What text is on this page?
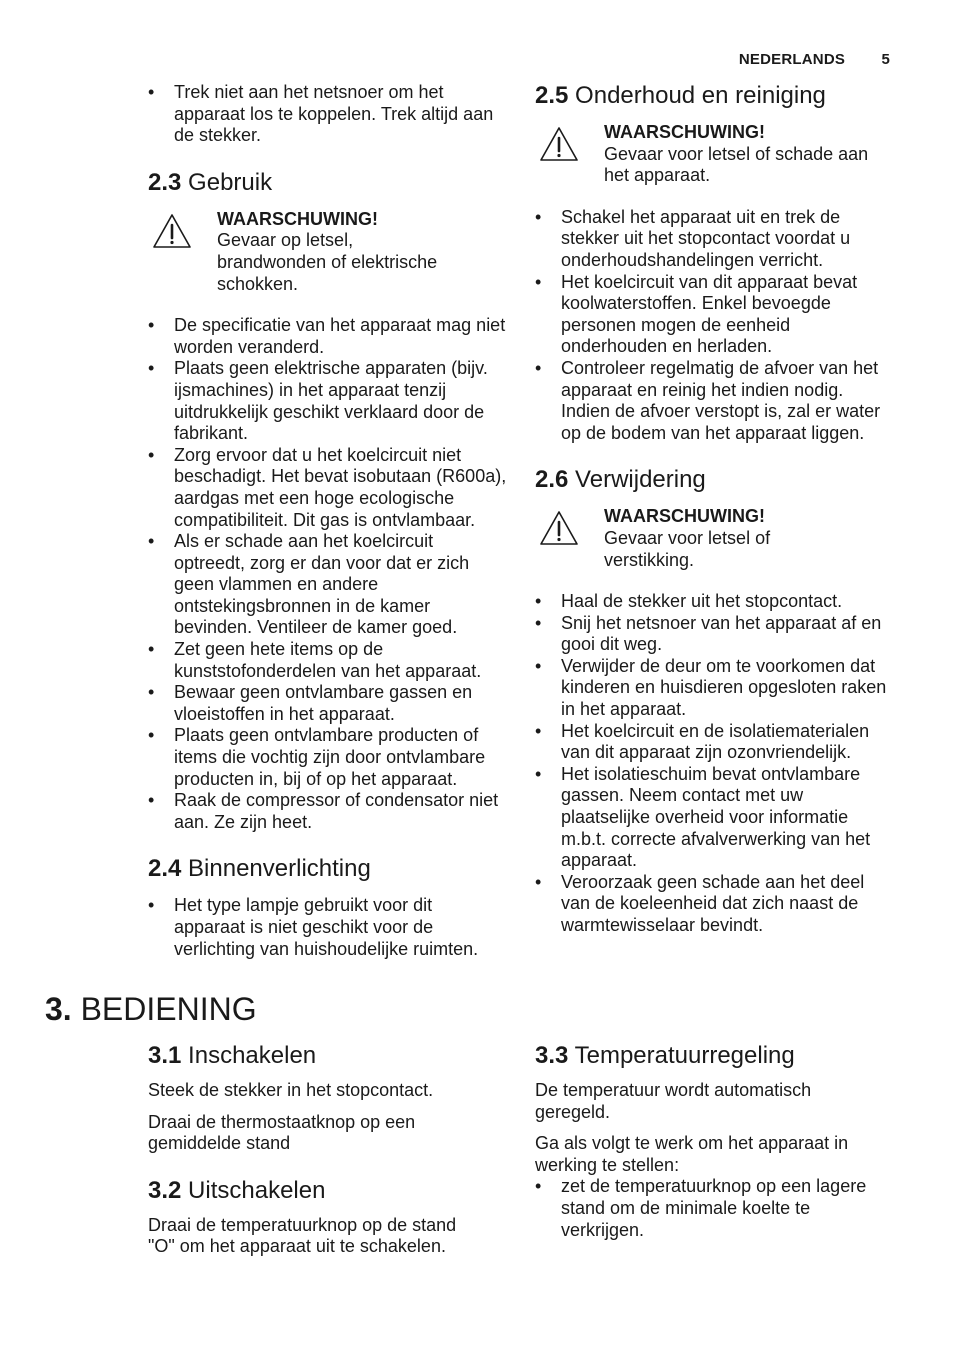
NEDERLANDS 5
• Trek niet aan het netsnoer om het apparaat los te koppelen. Trek altijd aan de stekker.
2.3 Gebruik
WAARSCHUWING!
Gevaar op letsel, brandwonden of elektrische schokken.
• De specificatie van het apparaat mag niet worden veranderd.
• Plaats geen elektrische apparaten (bijv. ijsmachines) in het apparaat tenzij uitdrukkelijk geschikt verklaard door de fabrikant.
• Zorg ervoor dat u het koelcircuit niet beschadigt. Het bevat isobutaan (R600a), aardgas met een hoge ecologische compatibiliteit. Dit gas is ontvlambaar.
• Als er schade aan het koelcircuit optreedt, zorg er dan voor dat er zich geen vlammen en andere ontstekingsbronnen in de kamer bevinden. Ventileer de kamer goed.
• Zet geen hete items op de kunststofonderdelen van het apparaat.
• Bewaar geen ontvlambare gassen en vloeistoffen in het apparaat.
• Plaats geen ontvlambare producten of items die vochtig zijn door ontvlambare producten in, bij of op het apparaat.
• Raak de compressor of condensator niet aan. Ze zijn heet.
2.4 Binnenverlichting
• Het type lampje gebruikt voor dit apparaat is niet geschikt voor de verlichting van huishoudelijke ruimten.
2.5 Onderhoud en reiniging
WAARSCHUWING!
Gevaar voor letsel of schade aan het apparaat.
• Schakel het apparaat uit en trek de stekker uit het stopcontact voordat u onderhoudshandelingen verricht.
• Het koelcircuit van dit apparaat bevat koolwaterstoffen. Enkel bevoegde personen mogen de eenheid onderhouden en herladen.
• Controleer regelmatig de afvoer van het apparaat en reinig het indien nodig. Indien de afvoer verstopt is, zal er water op de bodem van het apparaat liggen.
2.6 Verwijdering
WAARSCHUWING!
Gevaar voor letsel of verstikking.
• Haal de stekker uit het stopcontact.
• Snij het netsnoer van het apparaat af en gooi dit weg.
• Verwijder de deur om te voorkomen dat kinderen en huisdieren opgesloten raken in het apparaat.
• Het koelcircuit en de isolatiematerialen van dit apparaat zijn ozonvriendelijk.
• Het isolatieschuim bevat ontvlambare gassen. Neem contact met uw plaatselijke overheid voor informatie m.b.t. correcte afvalverwerking van het apparaat.
• Veroorzaak geen schade aan het deel van de koeleenheid dat zich naast de warmtewisselaar bevindt.
3. BEDIENING
3.1 Inschakelen

Steek de stekker in het stopcontact.

Draai de thermostaatknop op een gemiddelde stand

3.2 Uitschakelen

Draai de temperatuurknop op de stand "O" om het apparaat uit te schakelen.

3.3 Temperatuurregeling

De temperatuur wordt automatisch geregeld.

Ga als volgt te werk om het apparaat in werking te stellen:

• zet de temperatuurknop op een lagere stand om de minimale koelte te verkrijgen.
